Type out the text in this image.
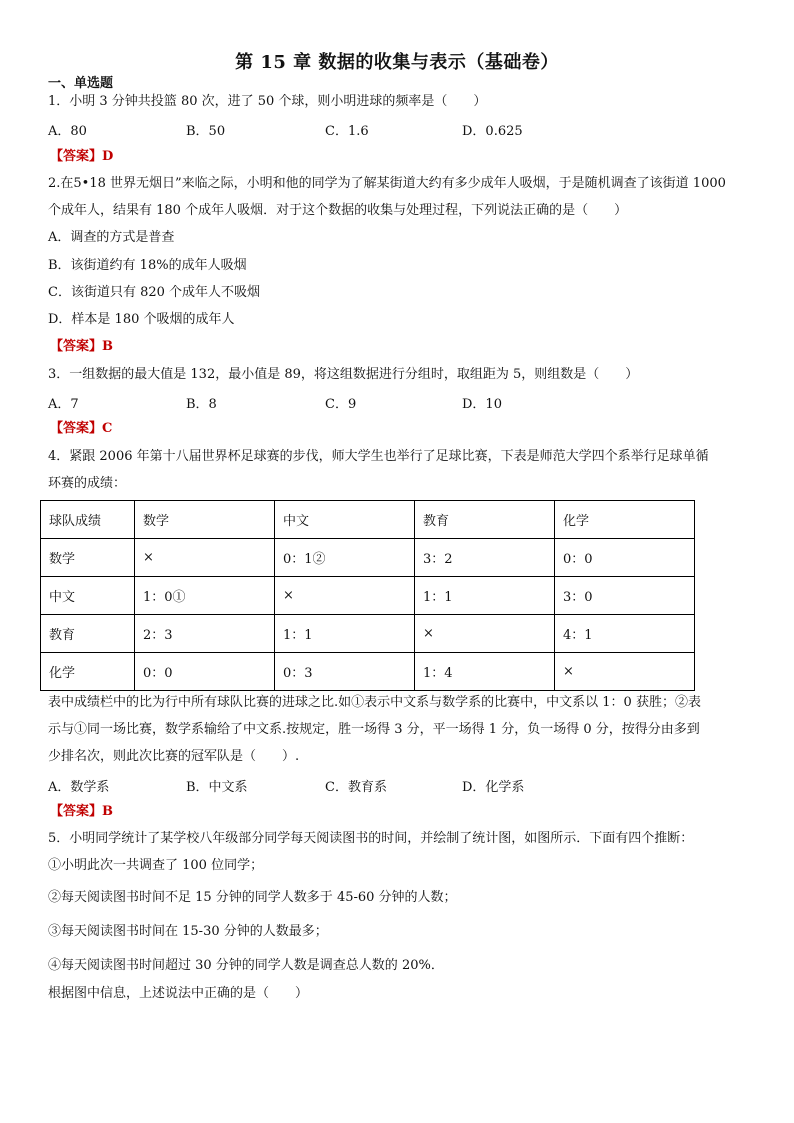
第 15 章 数据的收集与表示（基础卷）
一、单选题
1．小明 3 分钟共投篮 80 次，进了 50 个球，则小明进球的频率是（　　）
A．80	B．50	C．1.6	D．0.625
【答案】D
2.在5•18 世界无烟日”来临之际，小明和他的同学为了解某街道大约有多少成年人吸烟，于是随机调查了该街道 1000
个成年人，结果有 180 个成年人吸烟．对于这个数据的收集与处理过程，下列说法正确的是（　　）
A．调查的方式是普查
B．该街道约有 18%的成年人吸烟
C．该街道只有 820 个成年人不吸烟
D．样本是 180 个吸烟的成年人
【答案】B
3．一组数据的最大值是 132，最小值是 89，将这组数据进行分组时，取组距为 5，则组数是（　　）
A．7	B．8	C．9	D．10
【答案】C
4．紧跟 2006 年第十八届世界杯足球赛的步伐，师大学生也举行了足球比赛，下表是师范大学四个系举行足球单循
环赛的成绩：
球队成绩	数学	中文	教育	化学
数学	×	0：1②	3：2	0：0
中文	1：0①	×	1：1	3：0
教育	2：3	1：1	×	4：1
化学	0：0	0：3	1：4	×
表中成绩栏中的比为行中所有球队比赛的进球之比.如①表示中文系与数学系的比赛中，中文系以 1：0 获胜；②表
示与①同一场比赛，数学系输给了中文系.按规定，胜一场得 3 分，平一场得 1 分，负一场得 0 分，按得分由多到
少排名次，则此次比赛的冠军队是（　　）.
A．数学系	B．中文系	C．教育系	D．化学系
【答案】B
5．小明同学统计了某学校八年级部分同学每天阅读图书的时间，并绘制了统计图，如图所示．下面有四个推断：
①小明此次一共调查了 100 位同学；
②每天阅读图书时间不足 15 分钟的同学人数多于 45-60 分钟的人数；
③每天阅读图书时间在 15-30 分钟的人数最多；
④每天阅读图书时间超过 30 分钟的同学人数是调查总人数的 20%．
根据图中信息，上述说法中正确的是（　　）
